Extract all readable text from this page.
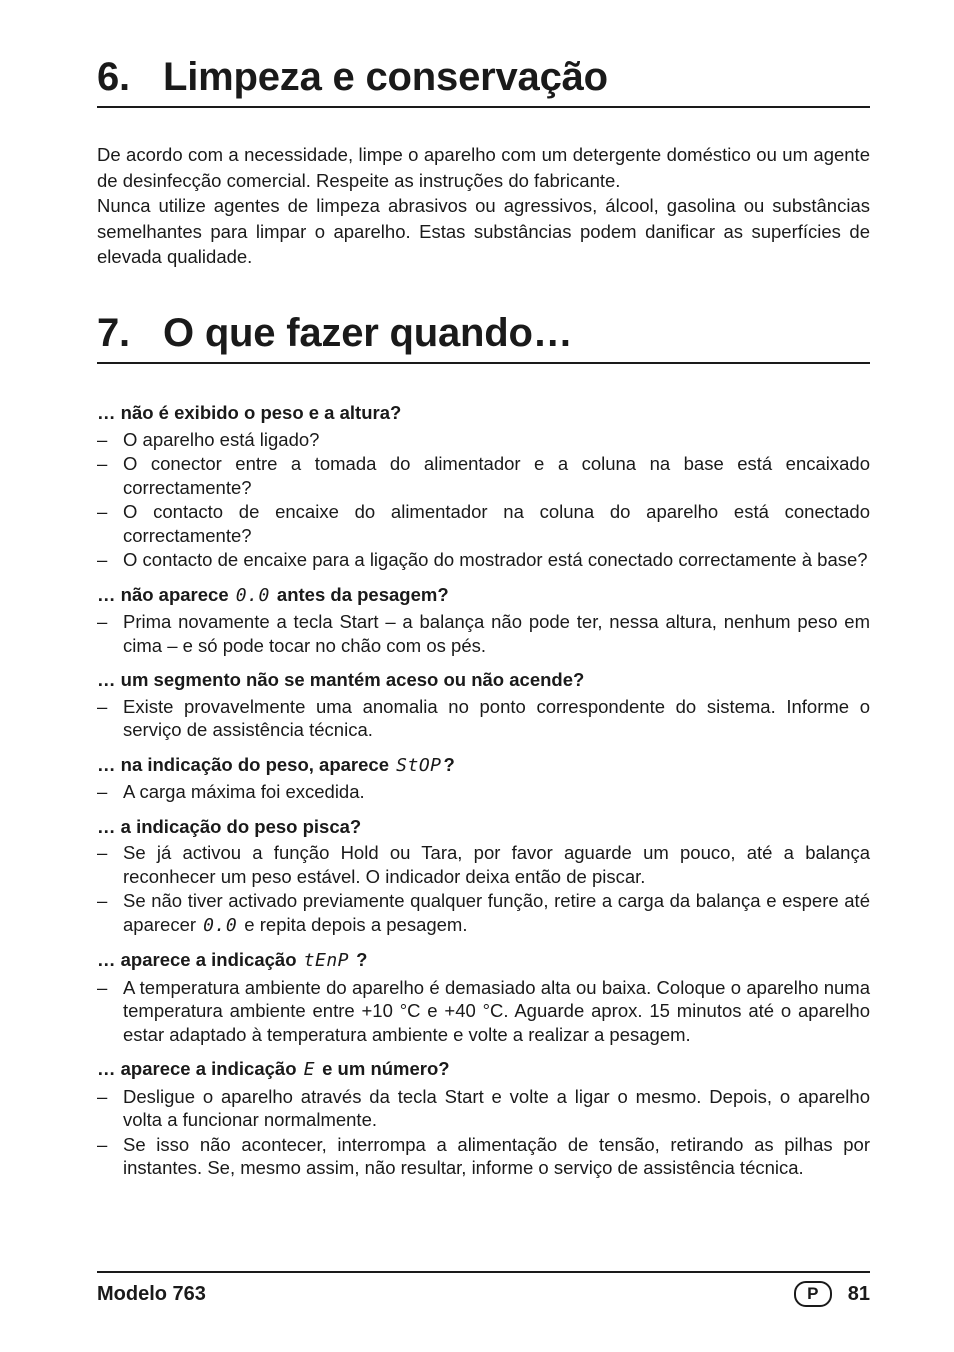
6. Limpeza e conservação

De acordo com a necessidade, limpe o aparelho com um detergente doméstico ou um agente de desinfecção comercial. Respeite as instruções do fabricante.

Nunca utilize agentes de limpeza abrasivos ou agressivos, álcool, gasolina ou substâncias semelhantes para limpar o aparelho. Estas substâncias podem danificar as superfícies de elevada qualidade.

7. O que fazer quando…

… não é exibido o peso e a altura?

– O aparelho está ligado?
– O conector entre a tomada do alimentador e a coluna na base está encaixado correctamente?
– O contacto de encaixe do alimentador na coluna do aparelho está conectado correctamente?
– O contacto de encaixe para a ligação do mostrador está conectado correctamente à base?

… não aparece 0.0 antes da pesagem?

– Prima novamente a tecla Start – a balança não pode ter, nessa altura, nenhum peso em cima – e só pode tocar no chão com os pés.

… um segmento não se mantém aceso ou não acende?

– Existe provavelmente uma anomalia no ponto correspondente do sistema. Informe o serviço de assistência técnica.

… na indicação do peso, aparece StOP ?

– A carga máxima foi excedida.

… a indicação do peso pisca?

– Se já activou a função Hold ou Tara, por favor aguarde um pouco, até a balança reconhecer um peso estável. O indicador deixa então de piscar.
– Se não tiver activado previamente qualquer função, retire a carga da balança e espere até aparecer 0.0 e repita depois a pesagem.

… aparece a indicação tEnP ?

– A temperatura ambiente do aparelho é demasiado alta ou baixa. Coloque o aparelho numa temperatura ambiente entre +10 °C e +40 °C. Aguarde aprox. 15 minutos até o aparelho estar adaptado à temperatura ambiente e volte a realizar a pesagem.

… aparece a indicação E e um número?

– Desligue o aparelho através da tecla Start e volte a ligar o mesmo. Depois, o aparelho volta a funcionar normalmente.
– Se isso não acontecer, interrompa a alimentação de tensão, retirando as pilhas por instantes. Se, mesmo assim, não resultar, informe o serviço de assistência técnica.
Modelo 763	P	81
